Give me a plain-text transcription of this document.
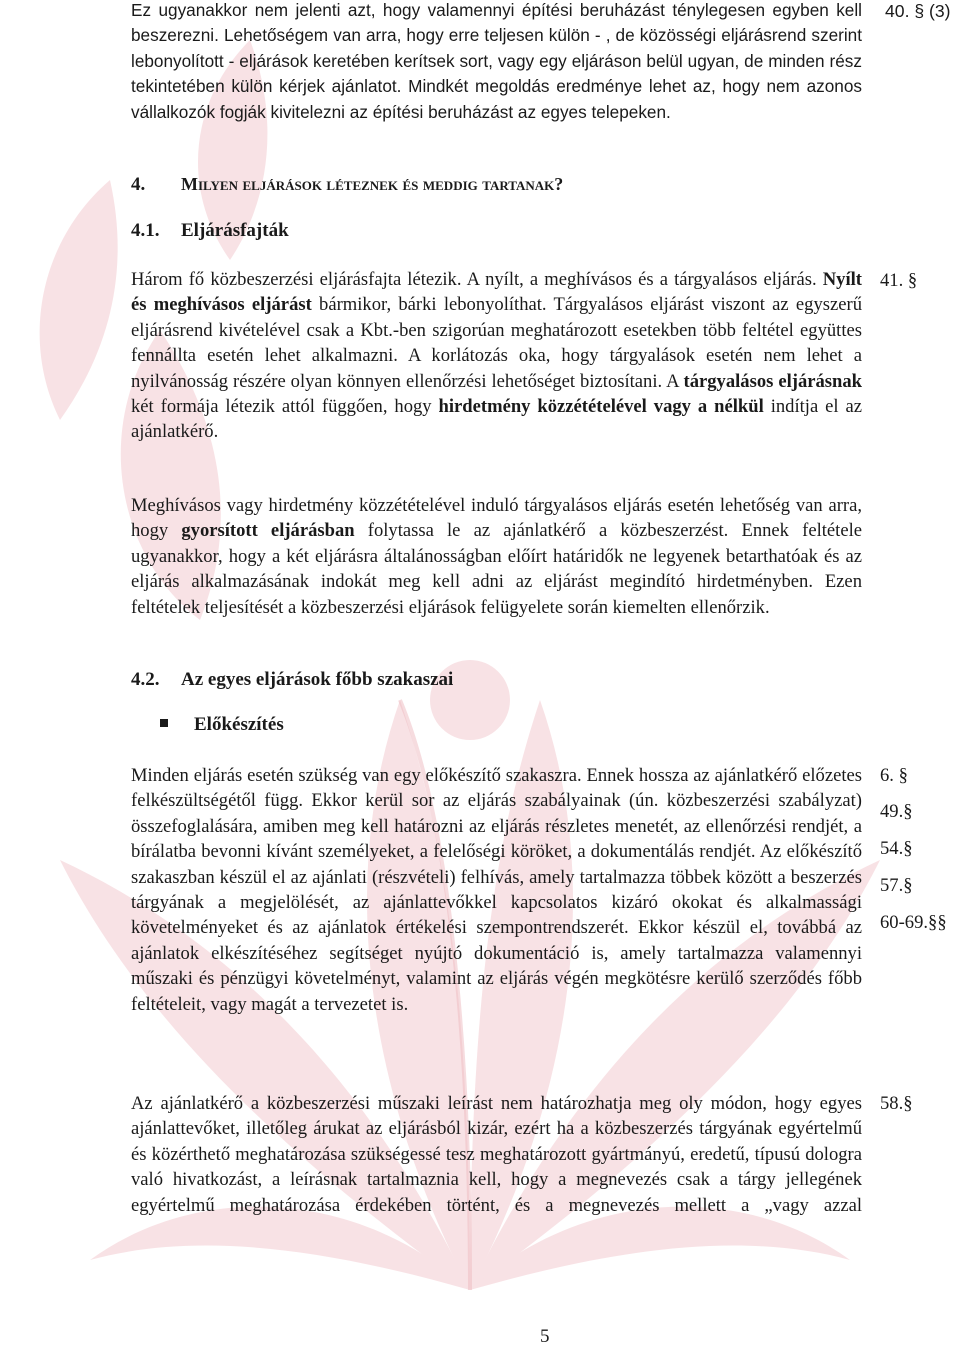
Ez ugyanakkor nem jelenti azt, hogy valamennyi építési beruházást ténylegesen egyben kell beszerezni. Lehetőségem van arra, hogy erre teljesen külön - , de közösségi eljárásrend szerint lebonyolított - eljárások keretében kerítsek sort, vagy egy eljáráson belül ugyan, de minden rész tekintetében külön kérjek ajánlatot. Mindkét megoldás eredménye lehet az, hogy nem azonos vállalkozók fogják kivitelezni az építési beruházást az egyes telepeken.

4. Milyen eljárások léteznek és meddig tartanak?
4.1. Eljárásfajták

Három fő közbeszerzési eljárásfajta létezik. A nyílt, a meghívásos és a tárgyalásos eljárás. Nyílt és meghívásos eljárást bármikor, bárki lebonyolíthat. Tárgyalásos eljárást viszont az egyszerű eljárásrend kivételével csak a Kbt.-ben szigorúan meghatározott esetekben több feltétel együttes fennállta esetén lehet alkalmazni. A korlátozás oka, hogy tárgyalások esetén nem lehet a nyilvánosság részére olyan könnyen ellenőrzési lehetőséget biztosítani. A tárgyalásos eljárásnak két formája létezik attól függően, hogy hirdetmény közzétételével vagy a nélkül indítja el az ajánlatkérő.

Meghívásos vagy hirdetmény közzétételével induló tárgyalásos eljárás esetén lehetőség van arra, hogy gyorsított eljárásban folytassa le az ajánlatkérő a közbeszerzést. Ennek feltétele ugyanakkor, hogy a két eljárásra általánosságban előírt határidők ne legyenek betarthatóak és az eljárás alkalmazásának indokát meg kell adni az eljárást megindító hirdetményben. Ezen feltételek teljesítését a közbeszerzési eljárások felügyelete során kiemelten ellenőrzik.

4.2. Az egyes eljárások főbb szakaszai
Előkészítés

Minden eljárás esetén szükség van egy előkészítő szakaszra. Ennek hossza az ajánlatkérő előzetes felkészültségétől függ. Ekkor kerül sor az eljárás szabályainak (ún. közbeszerzési szabályzat) összefoglalására, amiben meg kell határozni az eljárás részletes menetét, az ellenőrzési rendjét, a bírálatba bevonni kívánt személyeket, a felelőségi köröket, a dokumentálás rendjét. Az előkészítő szakaszban készül el az ajánlati (részvételi) felhívás, amely tartalmazza többek között a beszerzés tárgyának a megjelölését, az ajánlattevőkkel kapcsolatos kizáró okokat és alkalmassági követelményeket és az ajánlatok értékelési szempontrendszerét. Ekkor készül el, továbbá az ajánlatok elkészítéséhez segítséget nyújtó dokumentáció is, amely tartalmazza valamennyi műszaki és pénzügyi követelményt, valamint az eljárás végén megkötésre kerülő szerződés főbb feltételeit, vagy magát a tervezetet is.

Az ajánlatkérő a közbeszerzési műszaki leírást nem határozhatja meg oly módon, hogy egyes ajánlattevőket, illetőleg árukat az eljárásból kizár, ezért ha a közbeszerzés tárgyának egyértelmű és közérthető meghatározása szükségessé tesz meghatározott gyártmányú, eredetű, típusú dologra való hivatkozást, a leírásnak tartalmaznia kell, hogy a megnevezés csak a tárgy jellegének egyértelmű meghatározása érdekében történt, és a megnevezés mellett a „vagy azzal

40. § (3)
41. §
6. §
49.§
54.§
57.§
60-69.§§
58.§
5
